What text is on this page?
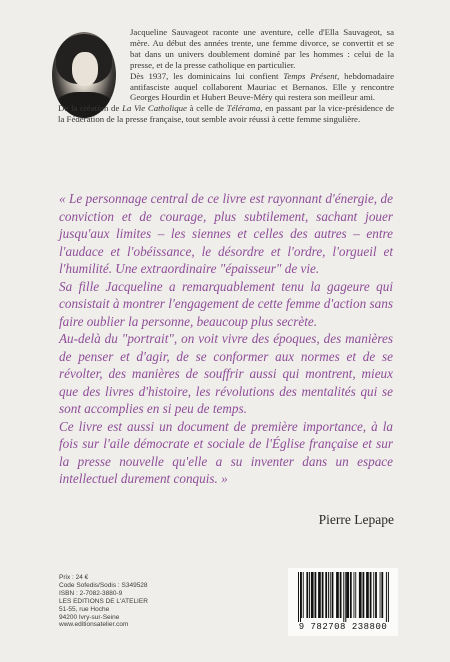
Jacqueline Sauvageot raconte une aventure, celle d'Ella Sauvageot, sa mère. Au début des années trente, une femme divorce, se convertit et se bat dans un univers doublement dominé par les hommes : celui de la presse, et de la presse catholique en particulier.

Dès 1937, les dominicains lui confient Temps Présent, hebdomadaire antifasciste auquel collaborent Mauriac et Bernanos. Elle y rencontre Georges Hourdin et Hubert Beuve-Méry qui restera son meilleur ami.

De la création de La Vie Catholique à celle de Télérama, en passant par la vice-présidence de la Fédération de la presse française, tout semble avoir réussi à cette femme singulière.

« Le personnage central de ce livre est rayonnant d'énergie, de conviction et de courage, plus subtilement, sachant jouer jusqu'aux limites – les siennes et celles des autres – entre l'audace et l'obéissance, le désordre et l'ordre, l'orgueil et l'humilité. Une extraordinaire "épaisseur" de vie.

Sa fille Jacqueline a remarquablement tenu la gageure qui consistait à montrer l'engagement de cette femme d'action sans faire oublier la personne, beaucoup plus secrète.

Au-delà du "portrait", on voit vivre des époques, des manières de penser et d'agir, de se conformer aux normes et de se révolter, des manières de souffrir aussi qui montrent, mieux que des livres d'histoire, les révolutions des mentalités qui se sont accomplies en si peu de temps.

Ce livre est aussi un document de première importance, à la fois sur l'aile démocrate et sociale de l'Église française et sur la presse nouvelle qu'elle a su inventer dans un espace intellectuel durement conquis. »

Pierre Lepape
Prix : 24 €
Code Sofedis/Sodis : S349528
ISBN : 2-7082-3880-9
LES EDITIONS DE L'ATELIER
51-55, rue Hoche
94200 Ivry-sur-Seine
www.editionsatelier.com	9 782708 238800
